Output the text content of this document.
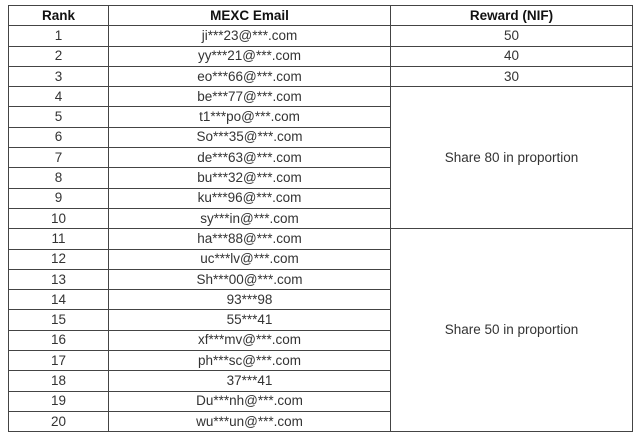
Rank	MEXC Email	Reward (NIF)
1	ji***23@***.com	50
2	yy***21@***.com	40
3	eo***66@***.com	30
4	be***77@***.com	Share 80 in proportion
5	t1***po@***.com	
6	So***35@***.com	
7	de***63@***.com	
8	bu***32@***.com	
9	ku***96@***.com	
10	sy***in@***.com	
11	ha***88@***.com	Share 50 in proportion
12	uc***lv@***.com	
13	Sh***00@***.com	
14	93***98	
15	55***41	
16	xf***mv@***.com	
17	ph***sc@***.com	
18	37***41	
19	Du***nh@***.com	
20	wu***un@***.com	
